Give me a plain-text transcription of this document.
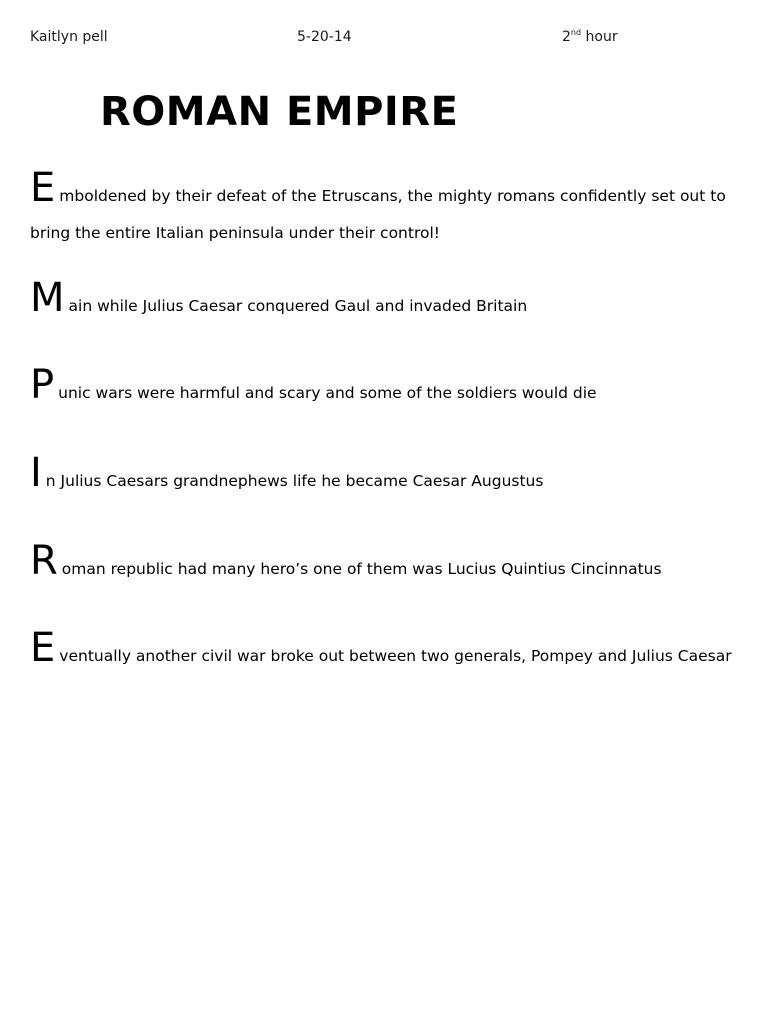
Kaitlyn pell	5-20-14	2nd hour
ROMAN EMPIRE

Emboldened by their defeat of the Etruscans, the mighty romans confidently set out to bring the entire Italian peninsula under their control!

Main while Julius Caesar conquered Gaul and invaded Britain

Punic wars were harmful and scary and some of the soldiers would die

In Julius Caesars grandnephews life he became Caesar Augustus

Roman republic had many hero’s one of them was Lucius Quintius Cincinnatus

Eventually another civil war broke out between two generals, Pompey and Julius Caesar
